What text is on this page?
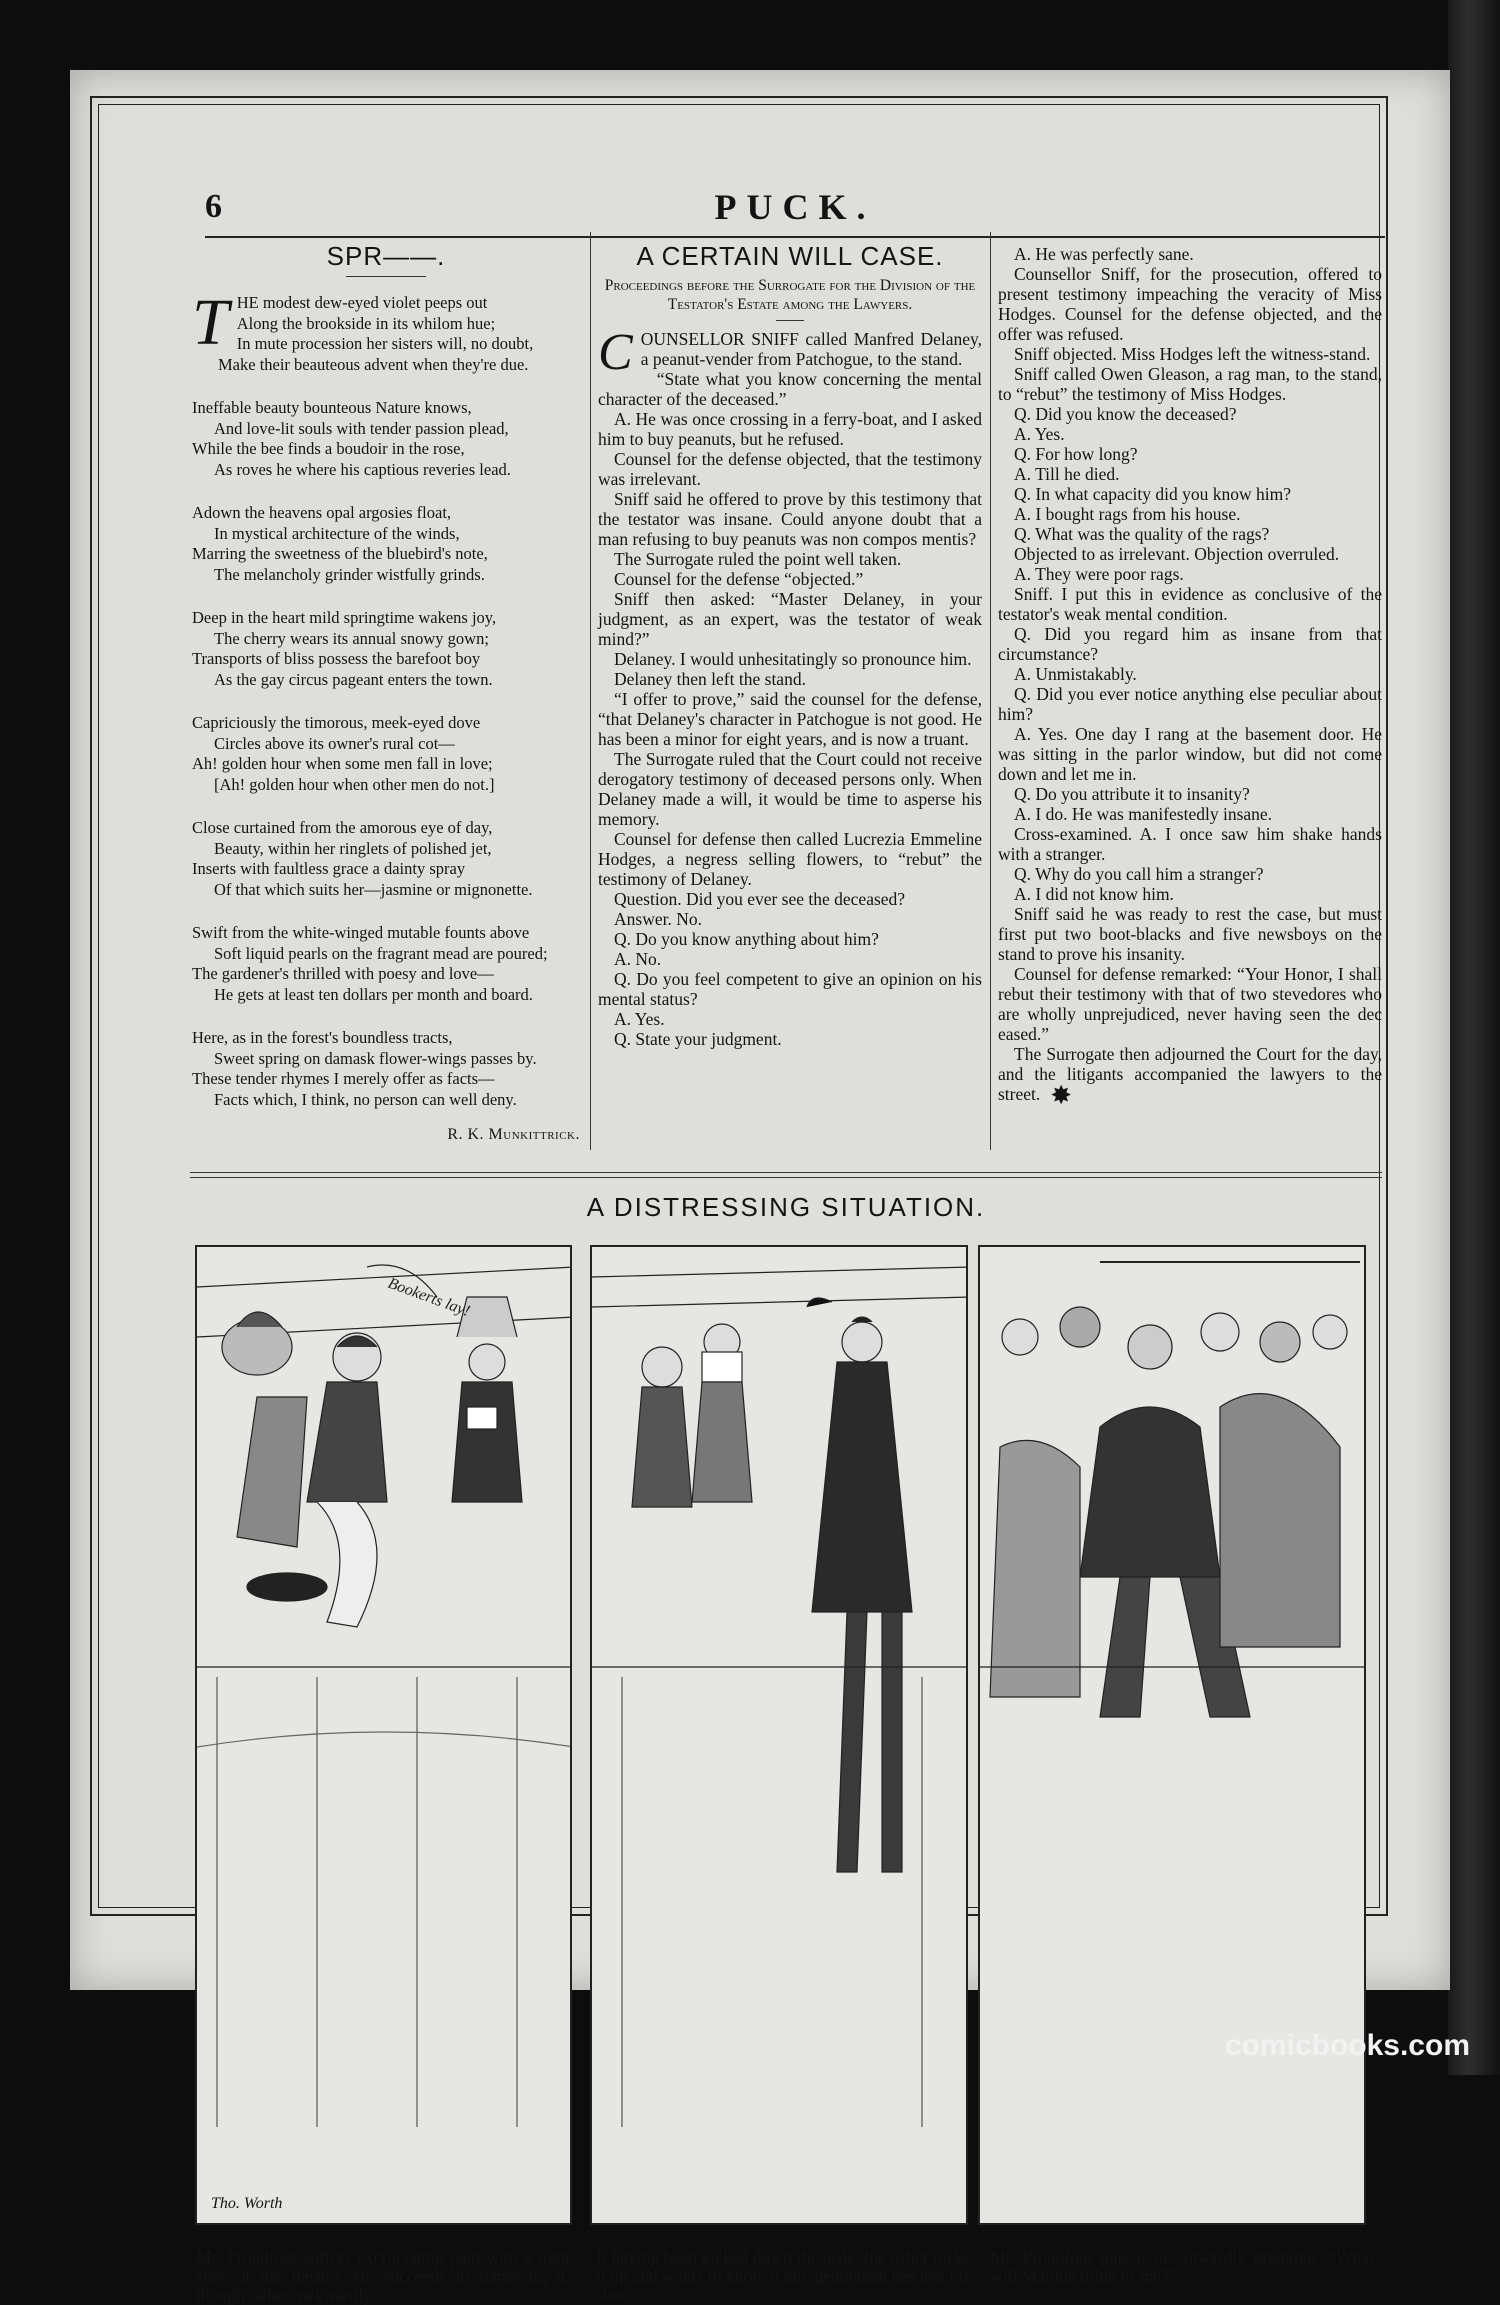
6	PUCK.
SPR——.
T HE modest dew-eyed violet peeps out

Along the brookside in its whilom hue;

In mute procession her sisters will, no doubt,

Make their beauteous advent when they're due.

Ineffable beauty bounteous Nature knows,

And love-lit souls with tender passion plead,

While the bee finds a boudoir in the rose,

As roves he where his captious reveries lead.

Adown the heavens opal argosies float,

In mystical architecture of the winds,

Marring the sweetness of the bluebird's note,

The melancholy grinder wistfully grinds.

Deep in the heart mild springtime wakens joy,

The cherry wears its annual snowy gown;

Transports of bliss possess the barefoot boy

As the gay circus pageant enters the town.

Capriciously the timorous, meek-eyed dove

Circles above its owner's rural cot—

Ah! golden hour when some men fall in love;

[Ah! golden hour when other men do not.]

Close curtained from the amorous eye of day,

Beauty, within her ringlets of polished jet,

Inserts with faultless grace a dainty spray

Of that which suits her—jasmine or mignonette.

Swift from the white-winged mutable founts above

Soft liquid pearls on the fragrant mead are poured;

The gardener's thrilled with poesy and love—

He gets at least ten dollars per month and board.

Here, as in the forest's boundless tracts,

Sweet spring on damask flower-wings passes by.

These tender rhymes I merely offer as facts—

Facts which, I think, no person can well deny.

R. K. Munkittrick.
A CERTAIN WILL CASE.
Proceedings before the Surrogate for the Division of the Testator's Estate among the Lawyers.
C OUNSELLOR SNIFF called Manfred Delaney, a peanut-vender from Patchogue, to the stand.

“State what you know concerning the mental character of the deceased.”

A. He was once crossing in a ferry-boat, and I asked him to buy peanuts, but he refused.

Counsel for the defense objected, that the testimony was irrelevant.

Sniff said he offered to prove by this testimony that the testator was insane. Could anyone doubt that a man refusing to buy peanuts was non compos mentis?

The Surrogate ruled the point well taken.

Counsel for the defense “objected.”

Sniff then asked: “Master Delaney, in your judgment, as an expert, was the testator of weak mind?”

Delaney. I would unhesitatingly so pronounce him.

Delaney then left the stand.

“I offer to prove,” said the counsel for the defense, “that Delaney's character in Patchogue is not good. He has been a minor for eight years, and is now a truant.

The Surrogate ruled that the Court could not receive derogatory testimony of deceased persons only. When Delaney made a will, it would be time to asperse his memory.

Counsel for defense then called Lucrezia Emmeline Hodges, a negress selling flowers, to “rebut” the testimony of Delaney.

Question. Did you ever see the deceased?

Answer. No.

Q. Do you know anything about him?

A. No.

Q. Do you feel competent to give an opinion on his mental status?

A. Yes.

Q. State your judgment.

A. He was perfectly sane.

Counsellor Sniff, for the prosecution, offered to present testimony impeaching the veracity of Miss Hodges. Counsel for the defense objected, and the offer was refused.

Sniff objected. Miss Hodges left the witness-stand.

Sniff called Owen Gleason, a rag man, to the stand, to “rebut” the testimony of Miss Hodges.

Q. Did you know the deceased?

A. Yes.

Q. For how long?

A. Till he died.

Q. In what capacity did you know him?

A. I bought rags from his house.

Q. What was the quality of the rags?

Objected to as irrelevant. Objection overruled.

A. They were poor rags.

Sniff. I put this in evidence as conclusive of the testator's weak mental condition.

Q. Did you regard him as insane from that circumstance?

A. Unmistakably.

Q. Did you ever notice anything else peculiar about him?

A. Yes. One day I rang at the basement door. He was sitting in the parlor window, but did not come down and let me in.

Q. Do you attribute it to insanity?

A. I do. He was manifestedly insane.

Cross-examined. A. I once saw him shake hands with a stranger.

Q. Why do you call him a stranger?

A. I did not know him.

Sniff said he was ready to rest the case, but must first put two boot-blacks and five newsboys on the stand to prove his insanity.

Counsel for defense remarked: “Your Honor, I shall rebut their testimony with that of two stevedores who are wholly unprejudiced, never having seen the dec eased.”

The Surrogate then adjourned the Court for the day, and the litigants accompanied the lawyers to the street. ✸

A DISTRESSING SITUATION.
Bookerts lay!
Tho. Worth
Mr. Proudfoot suffers excruciating pain with a tight shoe at the theatre. He succeeds in removing it, though rather awkwardly.
It having been kicked down the aisle, the usher picks it up and wants to know if any gentleman has lost his shoe.
Mr. Proudfoot puts it on, inwardly groaning: “What will Matilda think of me?”
comicbooks.com
